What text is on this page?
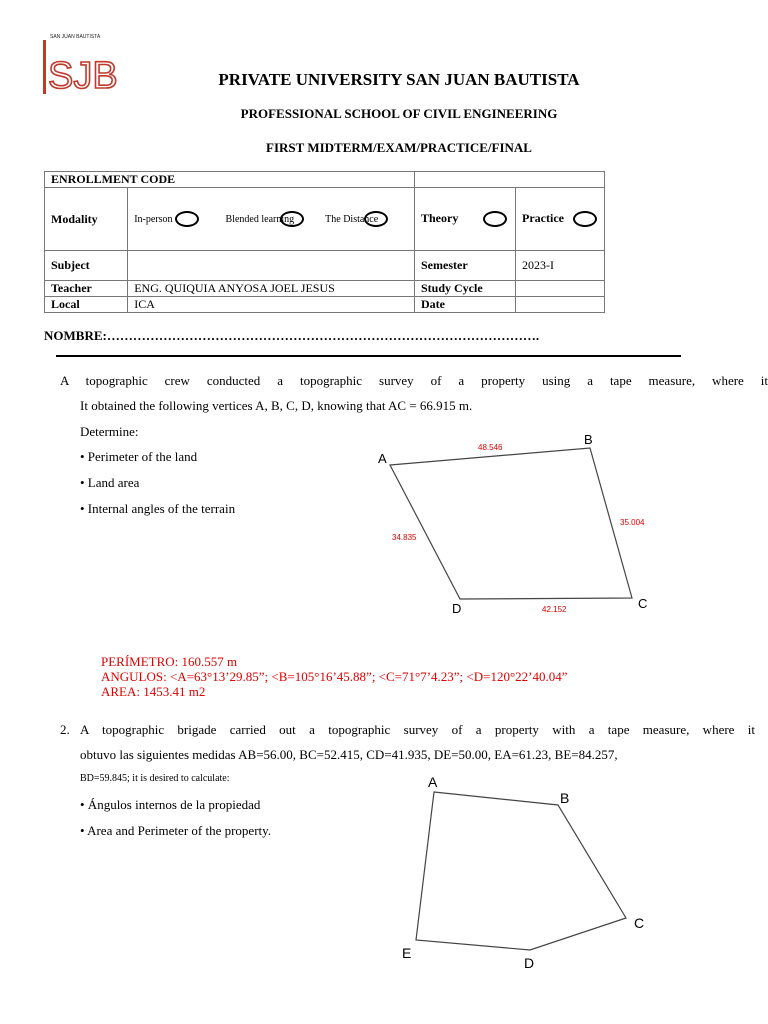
SAN JUAN BAUTISTA
SJB	PRIVATE UNIVERSITY SAN JUAN BAUTISTA
PROFESSIONAL SCHOOL OF CIVIL ENGINEERING
FIRST MIDTERM/EXAM/PRACTICE/FINAL
ENROLLMENT CODE			
Modality	In-person Blended learning The Distance	Theory	Practice
Subject		Semester	2023-I
Teacher	ENG. QUIQUIA ANYOSA JOEL JESUS	Study Cycle	
Local	ICA	Date	
NOMBRE:……………………………………………………………………………………….
A topographic crew conducted a topographic survey of a property using a tape measure, where it
It obtained the following vertices A, B, C, D, knowing that AC = 66.915 m.
Determine:
• Perimeter of the land
• Land area
• Internal angles of the terrain
A
B
C
D
48.546
35.004
42.152
34.835
PERÍMETRO: 160.557 m
ANGULOS: <A=63°13’29.85”; <B=105°16’45.88”; <C=71°7’4.23”; <D=120°22’40.04”
AREA: 1453.41 m2
2. A topographic brigade carried out a topographic survey of a property with a tape measure, where it
obtuvo las siguientes medidas AB=56.00, BC=52.415, CD=41.935, DE=50.00, EA=61.23, BE=84.257,
BD=59.845; it is desired to calculate:
• Ángulos internos de la propiedad
• Area and Perimeter of the property.
A
B
C
D
E
